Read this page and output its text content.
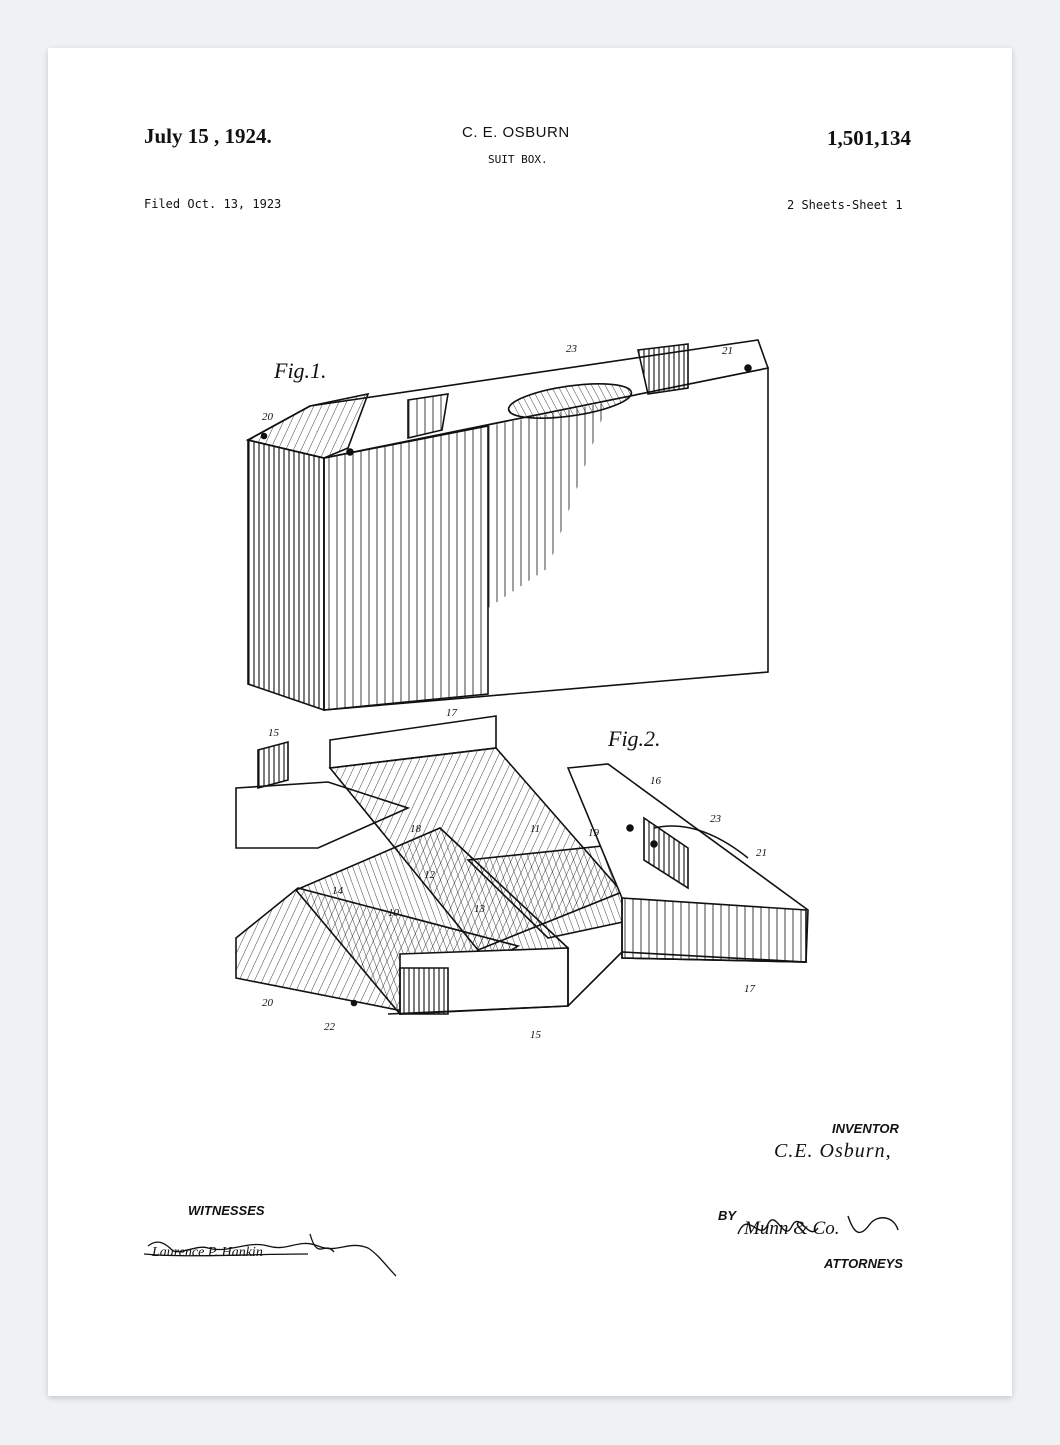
July 15 , 1924.	C. E. OSBURN
SUIT BOX.
1,501,134
Filed Oct. 13, 1923	2 Sheets-Sheet 1
Fig.1.
23	21
20
Fig.2.
15
17
16
19
23
21
18	11
12
14
10	13
20
22
15
17
Laurence P. Hankin
Munn & Co.
INVENTOR
C.E. Osburn,
BY
ATTORNEYS
WITNESSES
